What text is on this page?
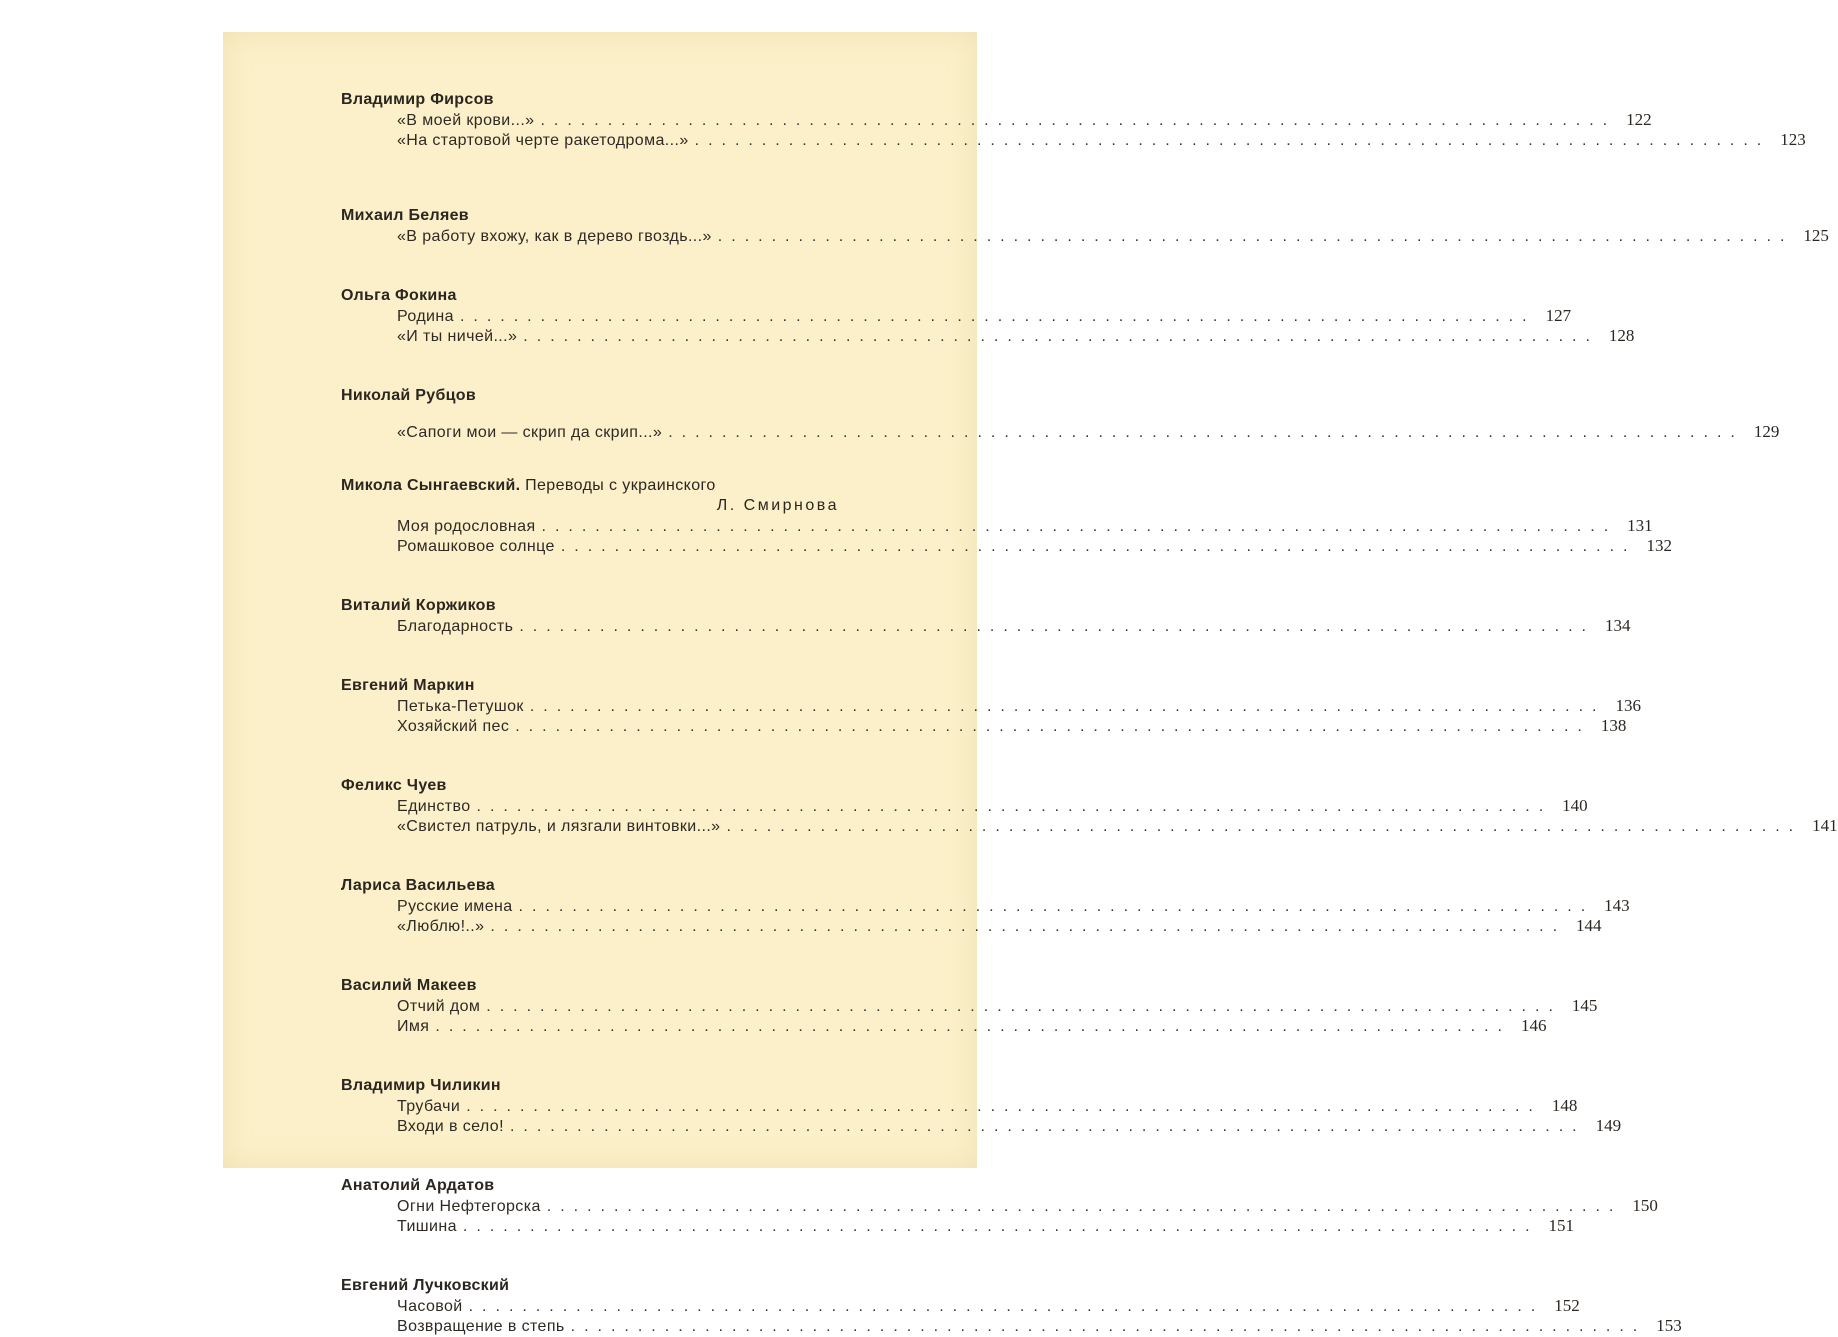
Владимир Фирсов
«В моей крови...» ................................................................................ 122
«На стартовой черте ракетодрома...» ................................................................................ 123
Михаил Беляев
«В работу вхожу, как в дерево гвоздь...» ................................................................................ 125
Ольга Фокина
Родина ................................................................................ 127
«И ты ничей...» ................................................................................ 128
Николай Рубцов
«Сапоги мои — скрип да скрип...» ................................................................................ 129
Микола Сынгаевский. Переводы с украинского
Л. Смирнова
Моя родословная ................................................................................ 131
Ромашковое солнце ................................................................................ 132
Виталий Коржиков
Благодарность ................................................................................ 134
Евгений Маркин
Петька-Петушок ................................................................................ 136
Хозяйский пес ................................................................................ 138
Феликс Чуев
Единство ................................................................................ 140
«Свистел патруль, и лязгали винтовки...» ................................................................................ 141
Лариса Васильева
Русские имена ................................................................................ 143
«Люблю!..» ................................................................................ 144
Василий Макеев
Отчий дом ................................................................................ 145
Имя ................................................................................ 146
Владимир Чиликин
Трубачи ................................................................................ 148
Входи в село! ................................................................................ 149
Анатолий Ардатов
Огни Нефтегорска ................................................................................ 150
Тишина ................................................................................ 151
Евгений Лучковский
Часовой ................................................................................ 152
Возвращение в степь ................................................................................ 153
